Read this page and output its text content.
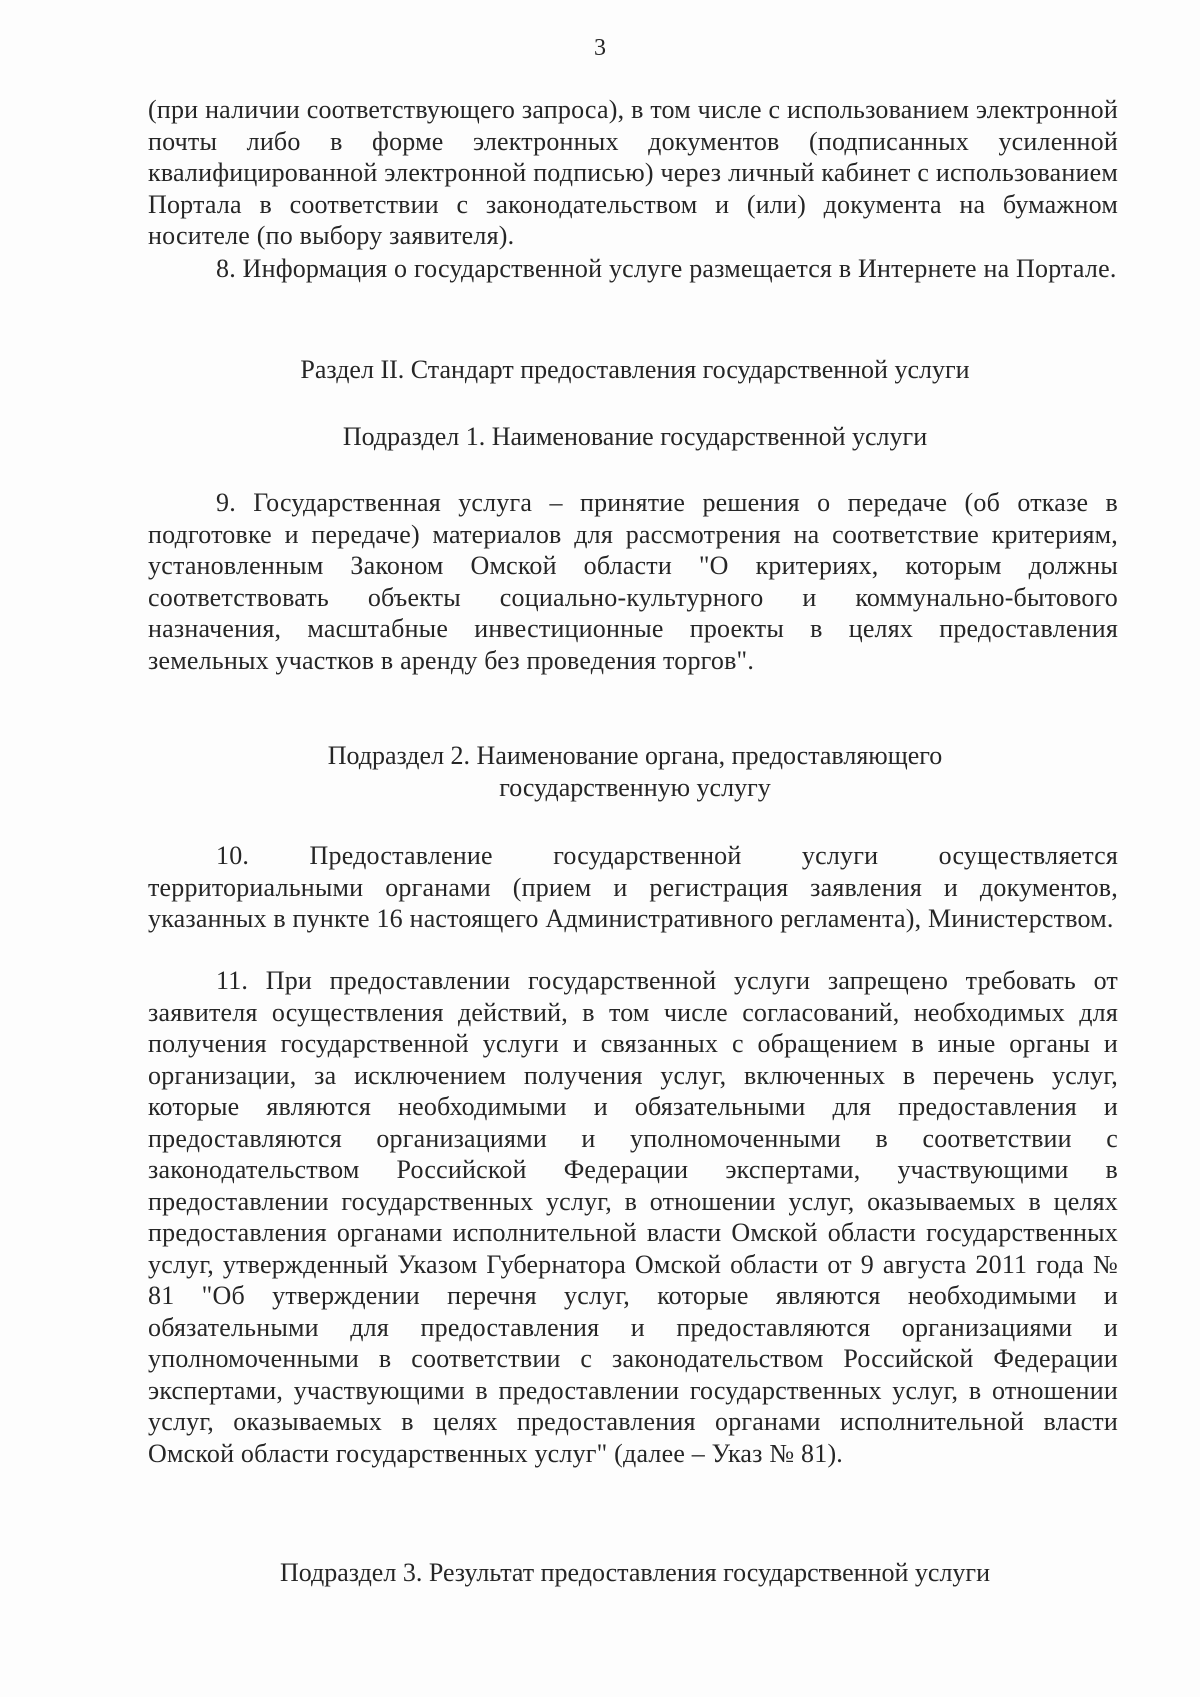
3

(при наличии соответствующего запроса), в том числе с использованием электронной почты либо в форме электронных документов (подписанных усиленной квалифицированной электронной подписью) через личный кабинет с использованием Портала в соответствии с законодательством и (или) документа на бумажном носителе (по выбору заявителя).

8. Информация о государственной услуге размещается в Интернете на Портале.

Раздел II. Стандарт предоставления государственной услуги
Подраздел 1. Наименование государственной услуги

9. Государственная услуга – принятие решения о передаче (об отказе в подготовке и передаче) материалов для рассмотрения на соответствие критериям, установленным Законом Омской области "О критериях, которым должны соответствовать объекты социально-культурного и коммунально-бытового назначения, масштабные инвестиционные проекты в целях предоставления земельных участков в аренду без проведения торгов".

Подраздел 2. Наименование органа, предоставляющего
государственную услугу

10. Предоставление государственной услуги осуществляется территориальными органами (прием и регистрация заявления и документов, указанных в пункте 16 настоящего Административного регламента), Министерством.

11. При предоставлении государственной услуги запрещено требовать от заявителя осуществления действий, в том числе согласований, необходимых для получения государственной услуги и связанных с обращением в иные органы и организации, за исключением получения услуг, включенных в перечень услуг, которые являются необходимыми и обязательными для предоставления и предоставляются организациями и уполномоченными в соответствии с законодательством Российской Федерации экспертами, участвующими в предоставлении государственных услуг, в отношении услуг, оказываемых в целях предоставления органами исполнительной власти Омской области государственных услуг, утвержденный Указом Губернатора Омской области от 9 августа 2011 года № 81 "Об утверждении перечня услуг, которые являются необходимыми и обязательными для предоставления и предоставляются организациями и уполномоченными в соответствии с законодательством Российской Федерации экспертами, участвующими в предоставлении государственных услуг, в отношении услуг, оказываемых в целях предоставления органами исполнительной власти Омской области государственных услуг" (далее – Указ № 81).

Подраздел 3. Результат предоставления государственной услуги
